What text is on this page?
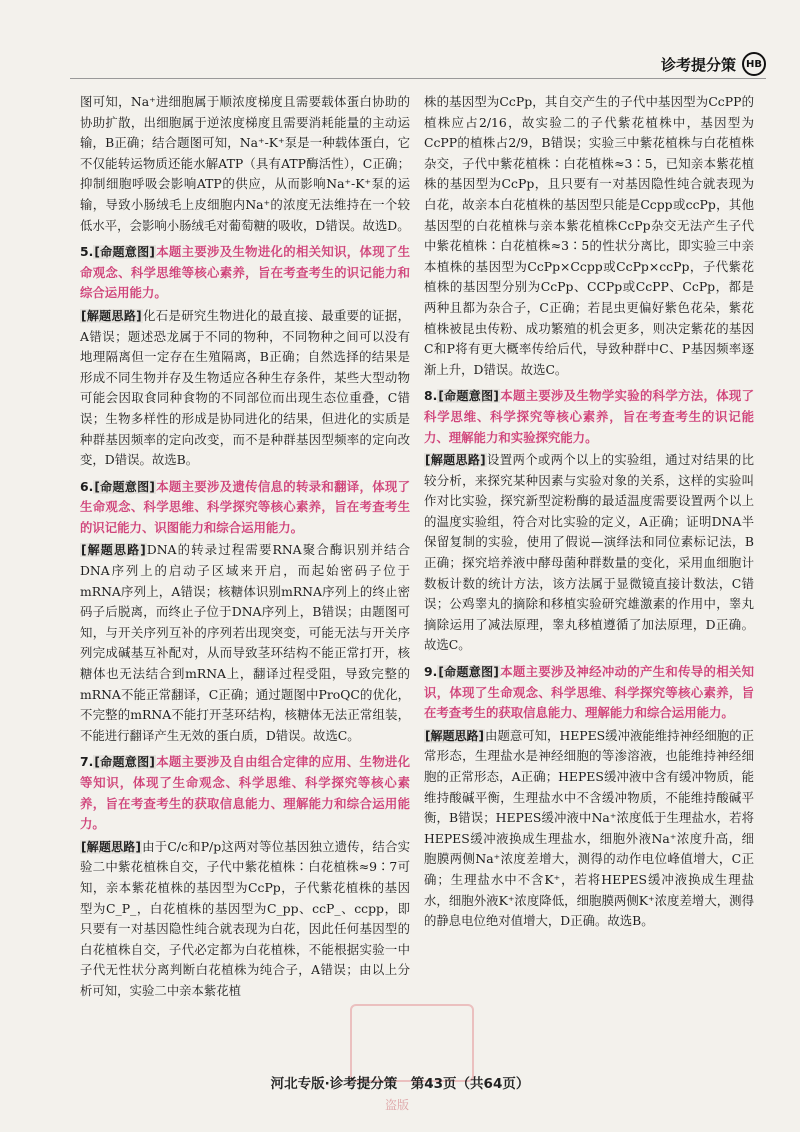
诊考提分策	HB

图可知，Na⁺进细胞属于顺浓度梯度且需要载体蛋白协助的协助扩散，出细胞属于逆浓度梯度且需要消耗能量的主动运输，B正确；结合题图可知，Na⁺-K⁺泵是一种载体蛋白，它不仅能转运物质还能水解ATP（具有ATP酶活性），C正确；抑制细胞呼吸会影响ATP的供应，从而影响Na⁺-K⁺泵的运输，导致小肠绒毛上皮细胞内Na⁺的浓度无法维持在一个较低水平，会影响小肠绒毛对葡萄糖的吸收，D错误。故选D。

5.[命题意图]本题主要涉及生物进化的相关知识，体现了生命观念、科学思维等核心素养，旨在考查考生的识记能力和综合运用能力。

[解题思路]化石是研究生物进化的最直接、最重要的证据，A错误；题述恐龙属于不同的物种，不同物种之间可以没有地理隔离但一定存在生殖隔离，B正确；自然选择的结果是形成不同生物并存及生物适应各种生存条件，某些大型动物可能会因取食同种食物的不同部位而出现生态位重叠，C错误；生物多样性的形成是协同进化的结果，但进化的实质是种群基因频率的定向改变，而不是种群基因型频率的定向改变，D错误。故选B。

6.[命题意图]本题主要涉及遗传信息的转录和翻译，体现了生命观念、科学思维、科学探究等核心素养，旨在考查考生的识记能力、识图能力和综合运用能力。

[解题思路]DNA的转录过程需要RNA聚合酶识别并结合DNA序列上的启动子区域来开启，而起始密码子位于mRNA序列上，A错误；核糖体识别mRNA序列上的终止密码子后脱离，而终止子位于DNA序列上，B错误；由题图可知，与开关序列互补的序列若出现突变，可能无法与开关序列完成碱基互补配对，从而导致茎环结构不能正常打开，核糖体也无法结合到mRNA上，翻译过程受阻，导致完整的mRNA不能正常翻译，C正确；通过题图中ProQC的优化，不完整的mRNA不能打开茎环结构，核糖体无法正常组装，不能进行翻译产生无效的蛋白质，D错误。故选C。

7.[命题意图]本题主要涉及自由组合定律的应用、生物进化等知识，体现了生命观念、科学思维、科学探究等核心素养，旨在考查考生的获取信息能力、理解能力和综合运用能力。

[解题思路]由于C/c和P/p这两对等位基因独立遗传，结合实验二中紫花植株自交，子代中紫花植株∶白花植株≈9∶7可知，亲本紫花植株的基因型为CcPp，子代紫花植株的基因型为C_P_，白花植株的基因型为C_pp、ccP_、ccpp，即只要有一对基因隐性纯合就表现为白花，因此任何基因型的白花植株自交，子代必定都为白花植株，不能根据实验一中子代无性状分离判断白花植株为纯合子，A错误；由以上分析可知，实验二中亲本紫花植

株的基因型为CcPp，其自交产生的子代中基因型为CcPP的植株应占2/16，故实验二的子代紫花植株中，基因型为CcPP的植株占2/9，B错误；实验三中紫花植株与白花植株杂交，子代中紫花植株∶白花植株≈3∶5，已知亲本紫花植株的基因型为CcPp，且只要有一对基因隐性纯合就表现为白花，故亲本白花植株的基因型只能是Ccpp或ccPp，其他基因型的白花植株与亲本紫花植株CcPp杂交无法产生子代中紫花植株∶白花植株≈3∶5的性状分离比，即实验三中亲本植株的基因型为CcPp×Ccpp或CcPp×ccPp，子代紫花植株的基因型分别为CcPp、CCPp或CcPP、CcPp，都是两种且都为杂合子，C正确；若昆虫更偏好紫色花朵，紫花植株被昆虫传粉、成功繁殖的机会更多，则决定紫花的基因C和P将有更大概率传给后代，导致种群中C、P基因频率逐渐上升，D错误。故选C。

8.[命题意图]本题主要涉及生物学实验的科学方法，体现了科学思维、科学探究等核心素养，旨在考查考生的识记能力、理解能力和实验探究能力。

[解题思路]设置两个或两个以上的实验组，通过对结果的比较分析，来探究某种因素与实验对象的关系，这样的实验叫作对比实验，探究新型淀粉酶的最适温度需要设置两个以上的温度实验组，符合对比实验的定义，A正确；证明DNA半保留复制的实验，使用了假说—演绎法和同位素标记法，B正确；探究培养液中酵母菌种群数量的变化，采用血细胞计数板计数的统计方法，该方法属于显微镜直接计数法，C错误；公鸡睾丸的摘除和移植实验研究雄激素的作用中，睾丸摘除运用了减法原理，睾丸移植遵循了加法原理，D正确。故选C。

9.[命题意图]本题主要涉及神经冲动的产生和传导的相关知识，体现了生命观念、科学思维、科学探究等核心素养，旨在考查考生的获取信息能力、理解能力和综合运用能力。

[解题思路]由题意可知，HEPES缓冲液能维持神经细胞的正常形态，生理盐水是神经细胞的等渗溶液，也能维持神经细胞的正常形态，A正确；HEPES缓冲液中含有缓冲物质，能维持酸碱平衡，生理盐水中不含缓冲物质，不能维持酸碱平衡，B错误；HEPES缓冲液中Na⁺浓度低于生理盐水，若将HEPES缓冲液换成生理盐水，细胞外液Na⁺浓度升高，细胞膜两侧Na⁺浓度差增大，测得的动作电位峰值增大，C正确；生理盐水中不含K⁺，若将HEPES缓冲液换成生理盐水，细胞外液K⁺浓度降低，细胞膜两侧K⁺浓度差增大，测得的静息电位绝对值增大，D正确。故选B。

河北专版·诊考提分策　第43页（共64页）
盗版
